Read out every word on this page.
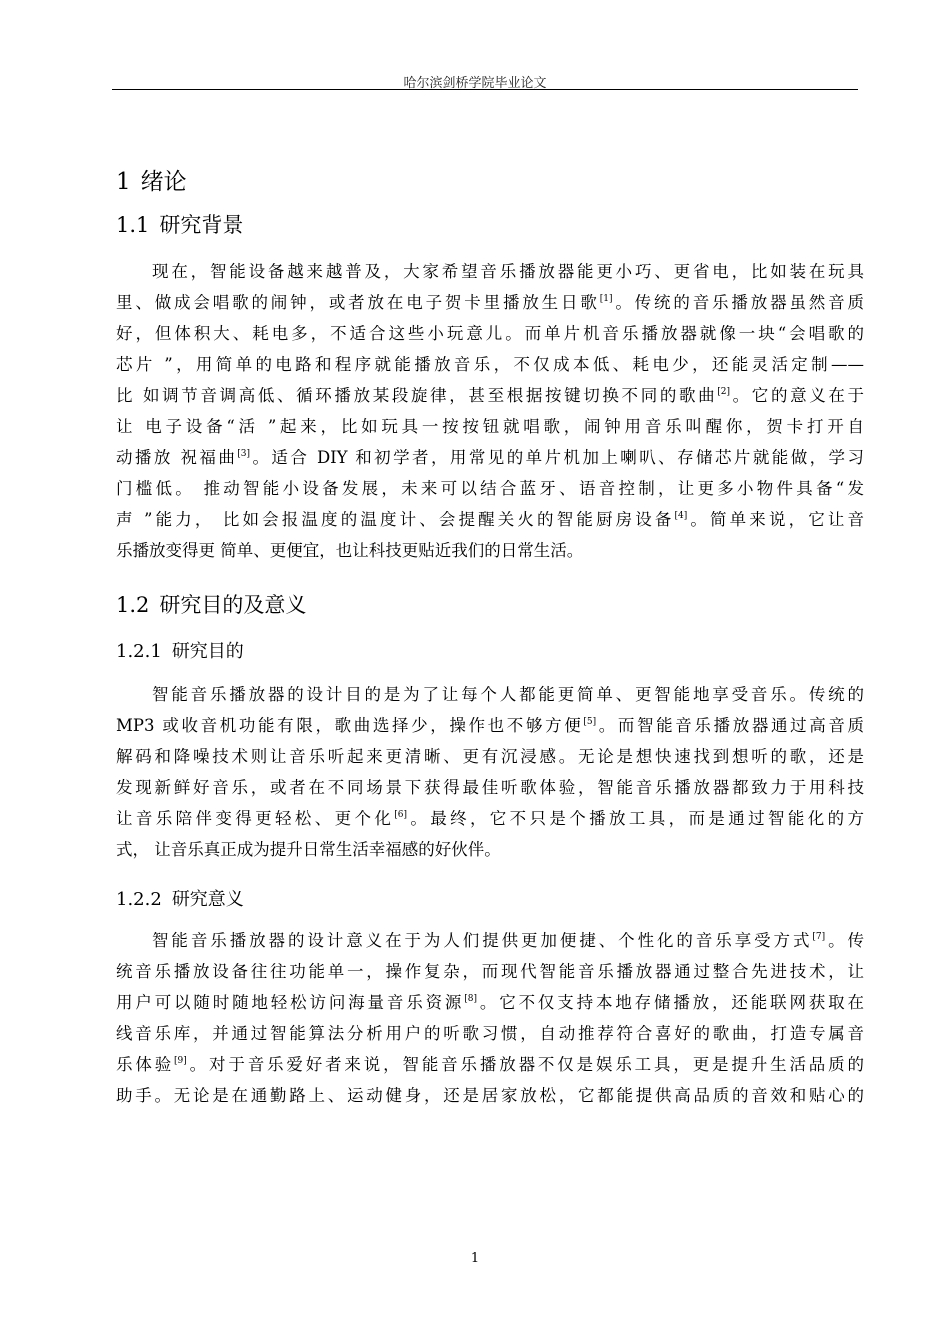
哈尔滨剑桥学院毕业论文
1 绪论
1.1 研究背景
现在，智能设备越来越普及，大家希望音乐播放器能更小巧、更省电，比如装在玩具
里、做成会唱歌的闹钟，或者放在电子贺卡里播放生日歌[1]。传统的音乐播放器虽然音质
好，但体积大、耗电多，不适合这些小玩意儿。而单片机音乐播放器就像一块“会唱歌的
芯片 ”，用简单的电路和程序就能播放音乐，不仅成本低、耗电少，还能灵活定制——
比 如调节音调高低、循环播放某段旋律，甚至根据按键切换不同的歌曲[2]。它的意义在于
让 电子设备“活 ”起来，比如玩具一按按钮就唱歌，闹钟用音乐叫醒你，贺卡打开自
动播放 祝福曲[3]。适合 DIY 和初学者，用常见的单片机加上喇叭、存储芯片就能做，学习
门槛低。 推动智能小设备发展，未来可以结合蓝牙、语音控制，让更多小物件具备“发
声 ”能力， 比如会报温度的温度计、会提醒关火的智能厨房设备[4]。简单来说，它让音
乐播放变得更 简单、更便宜，也让科技更贴近我们的日常生活。
1.2 研究目的及意义
1.2.1 研究目的
智能音乐播放器的设计目的是为了让每个人都能更简单、更智能地享受音乐。传统的
MP3 或收音机功能有限，歌曲选择少，操作也不够方便[5]。而智能音乐播放器通过高音质
解码和降噪技术则让音乐听起来更清晰、更有沉浸感。无论是想快速找到想听的歌，还是
发现新鲜好音乐，或者在不同场景下获得最佳听歌体验，智能音乐播放器都致力于用科技
让音乐陪伴变得更轻松、更个化[6]。最终，它不只是个播放工具，而是通过智能化的方
式， 让音乐真正成为提升日常生活幸福感的好伙伴。
1.2.2 研究意义
智能音乐播放器的设计意义在于为人们提供更加便捷、个性化的音乐享受方式[7]。传
统音乐播放设备往往功能单一，操作复杂，而现代智能音乐播放器通过整合先进技术，让
用户可以随时随地轻松访问海量音乐资源[8]。它不仅支持本地存储播放，还能联网获取在
线音乐库，并通过智能算法分析用户的听歌习惯，自动推荐符合喜好的歌曲，打造专属音
乐体验[9]。对于音乐爱好者来说，智能音乐播放器不仅是娱乐工具，更是提升生活品质的
助手。无论是在通勤路上、运动健身，还是居家放松，它都能提供高品质的音效和贴心的
1
